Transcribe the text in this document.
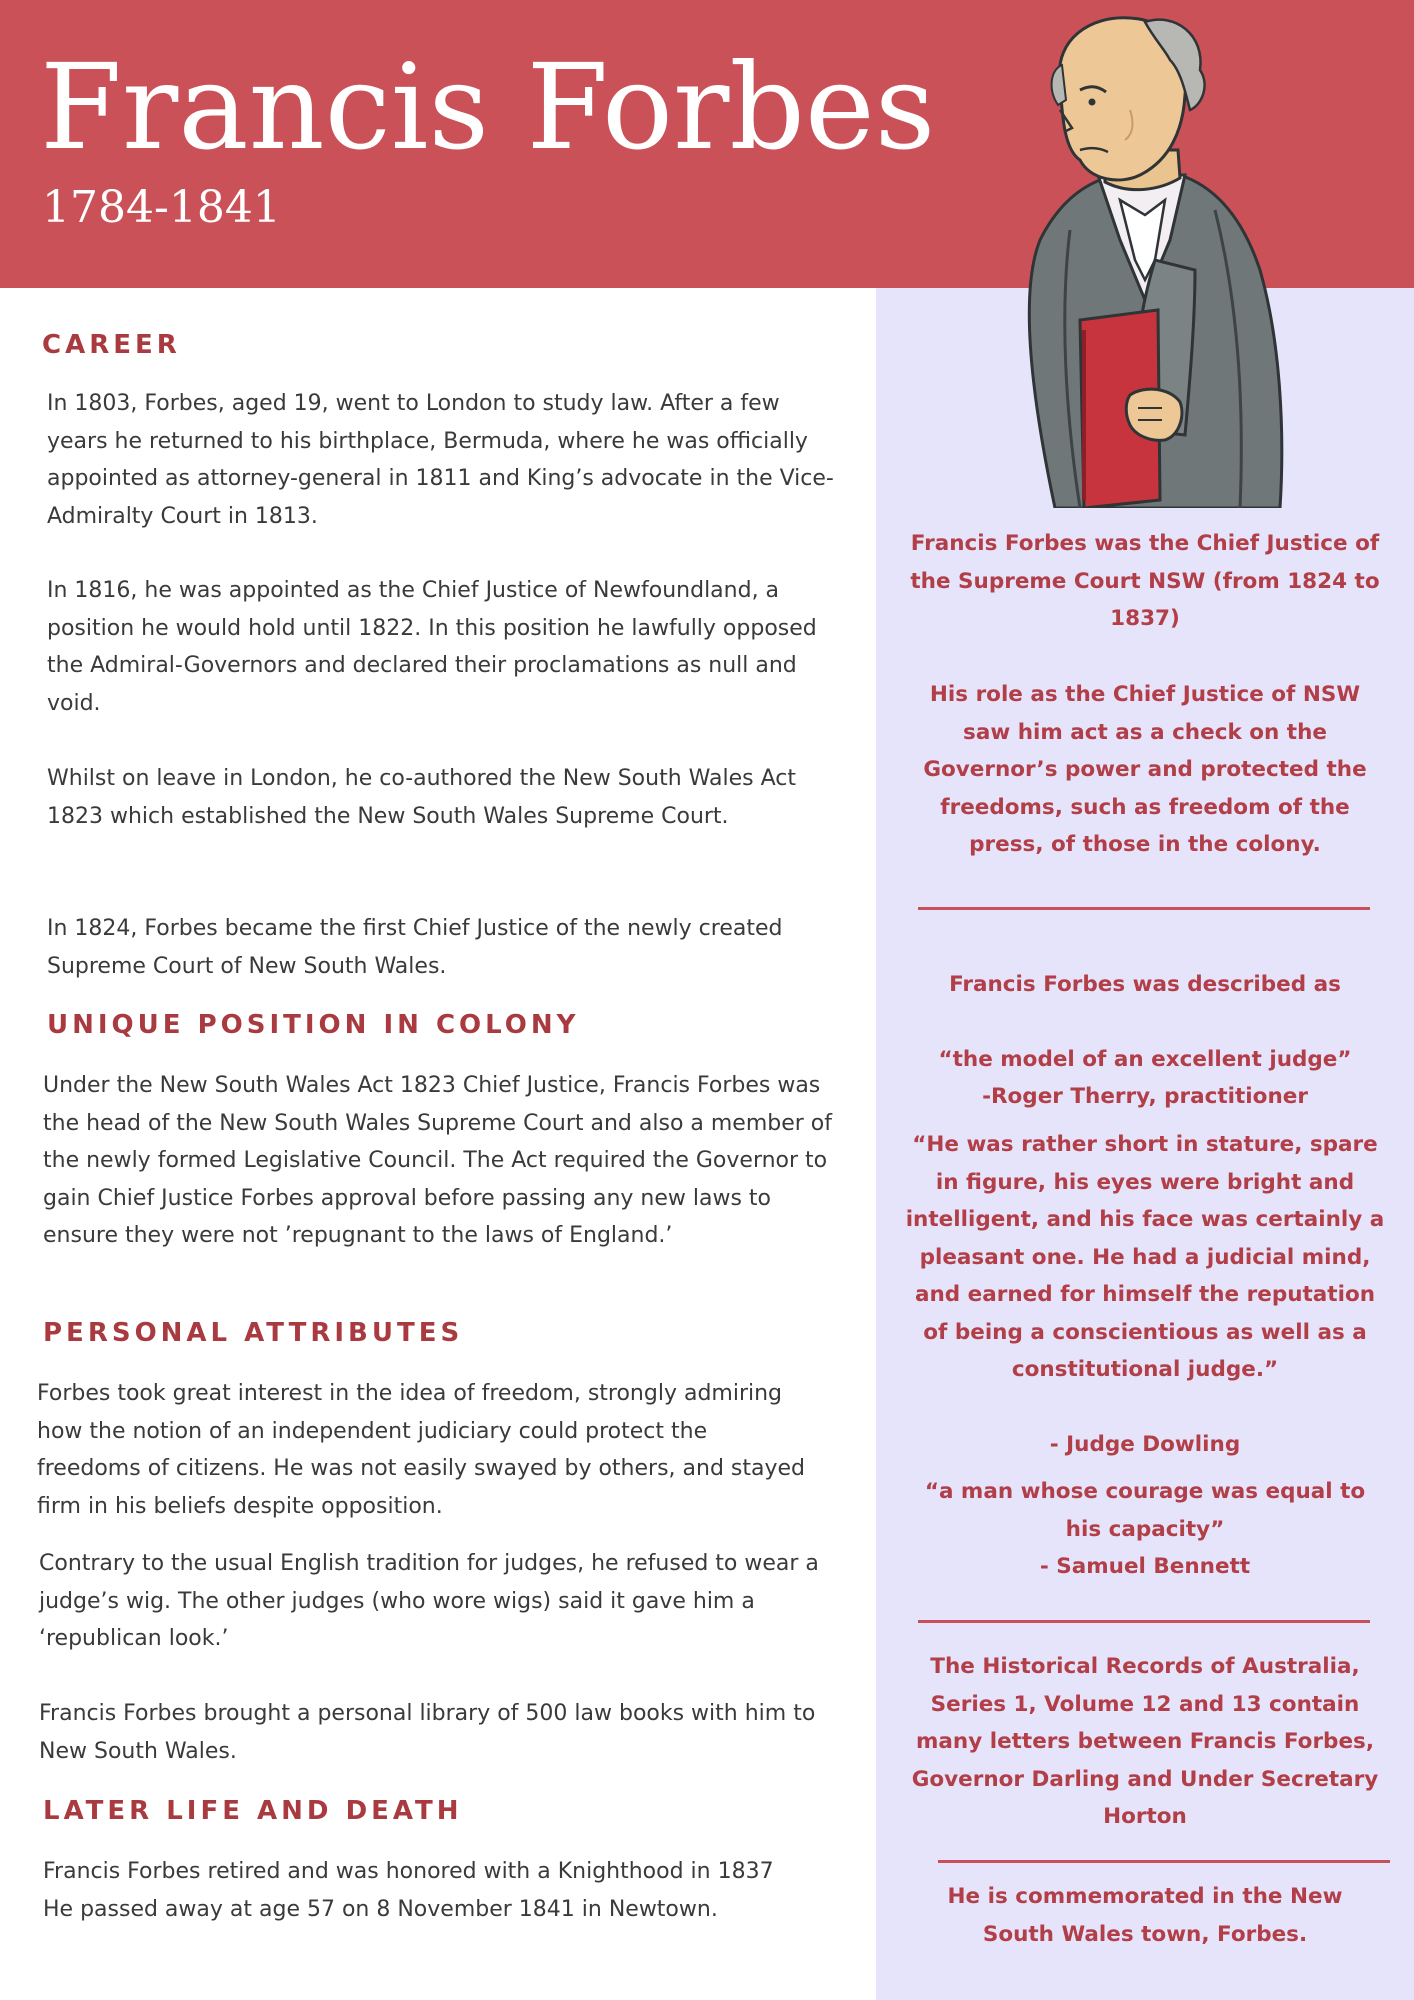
Francis Forbes
1784-1841
CAREER
In 1803, Forbes, aged 19, went to London to study law. After a few years he returned to his birthplace, Bermuda, where he was officially appointed as attorney-general in 1811 and King’s advocate in the Vice-Admiralty Court in 1813.
In 1816, he was appointed as the Chief Justice of Newfoundland, a position he would hold until 1822. In this position he lawfully opposed the Admiral-Governors and declared their proclamations as null and void.
Whilst on leave in London, he co-authored the New South Wales Act 1823 which established the New South Wales Supreme Court.
In 1824, Forbes became the first Chief Justice of the newly created Supreme Court of New South Wales.
UNIQUE POSITION IN COLONY
Under the New South Wales Act 1823 Chief Justice, Francis Forbes was the head of the New South Wales Supreme Court and also a member of the newly formed Legislative Council. The Act required the Governor to gain Chief Justice Forbes approval before passing any new laws to ensure they were not ’repugnant to the laws of England.’
PERSONAL ATTRIBUTES
Forbes took great interest in the idea of freedom, strongly admiring how the notion of an independent judiciary could protect the freedoms of citizens. He was not easily swayed by others, and stayed firm in his beliefs despite opposition.
Contrary to the usual English tradition for judges, he refused to wear a judge’s wig. The other judges (who wore wigs) said it gave him a ‘republican look.’
Francis Forbes brought a personal library of 500 law books with him to New South Wales.
LATER LIFE AND DEATH
Francis Forbes retired and was honored with a Knighthood in 1837
He passed away at age 57 on 8 November 1841 in Newtown.
Francis Forbes was the Chief Justice of the Supreme Court NSW (from 1824 to 1837)
His role as the Chief Justice of NSW saw him act as a check on the Governor’s power and protected the freedoms, such as freedom of the press, of those in the colony.
Francis Forbes was described as
“the model of an excellent judge”
-Roger Therry, practitioner
“He was rather short in stature, spare in figure, his eyes were bright and intelligent, and his face was certainly a pleasant one. He had a judicial mind, and earned for himself the reputation of being a conscientious as well as a constitutional judge.”
- Judge Dowling
“a man whose courage was equal to his capacity”
- Samuel Bennett
The Historical Records of Australia, Series 1, Volume 12 and 13 contain many letters between Francis Forbes, Governor Darling and Under Secretary Horton
He is commemorated in the New South Wales town, Forbes.
